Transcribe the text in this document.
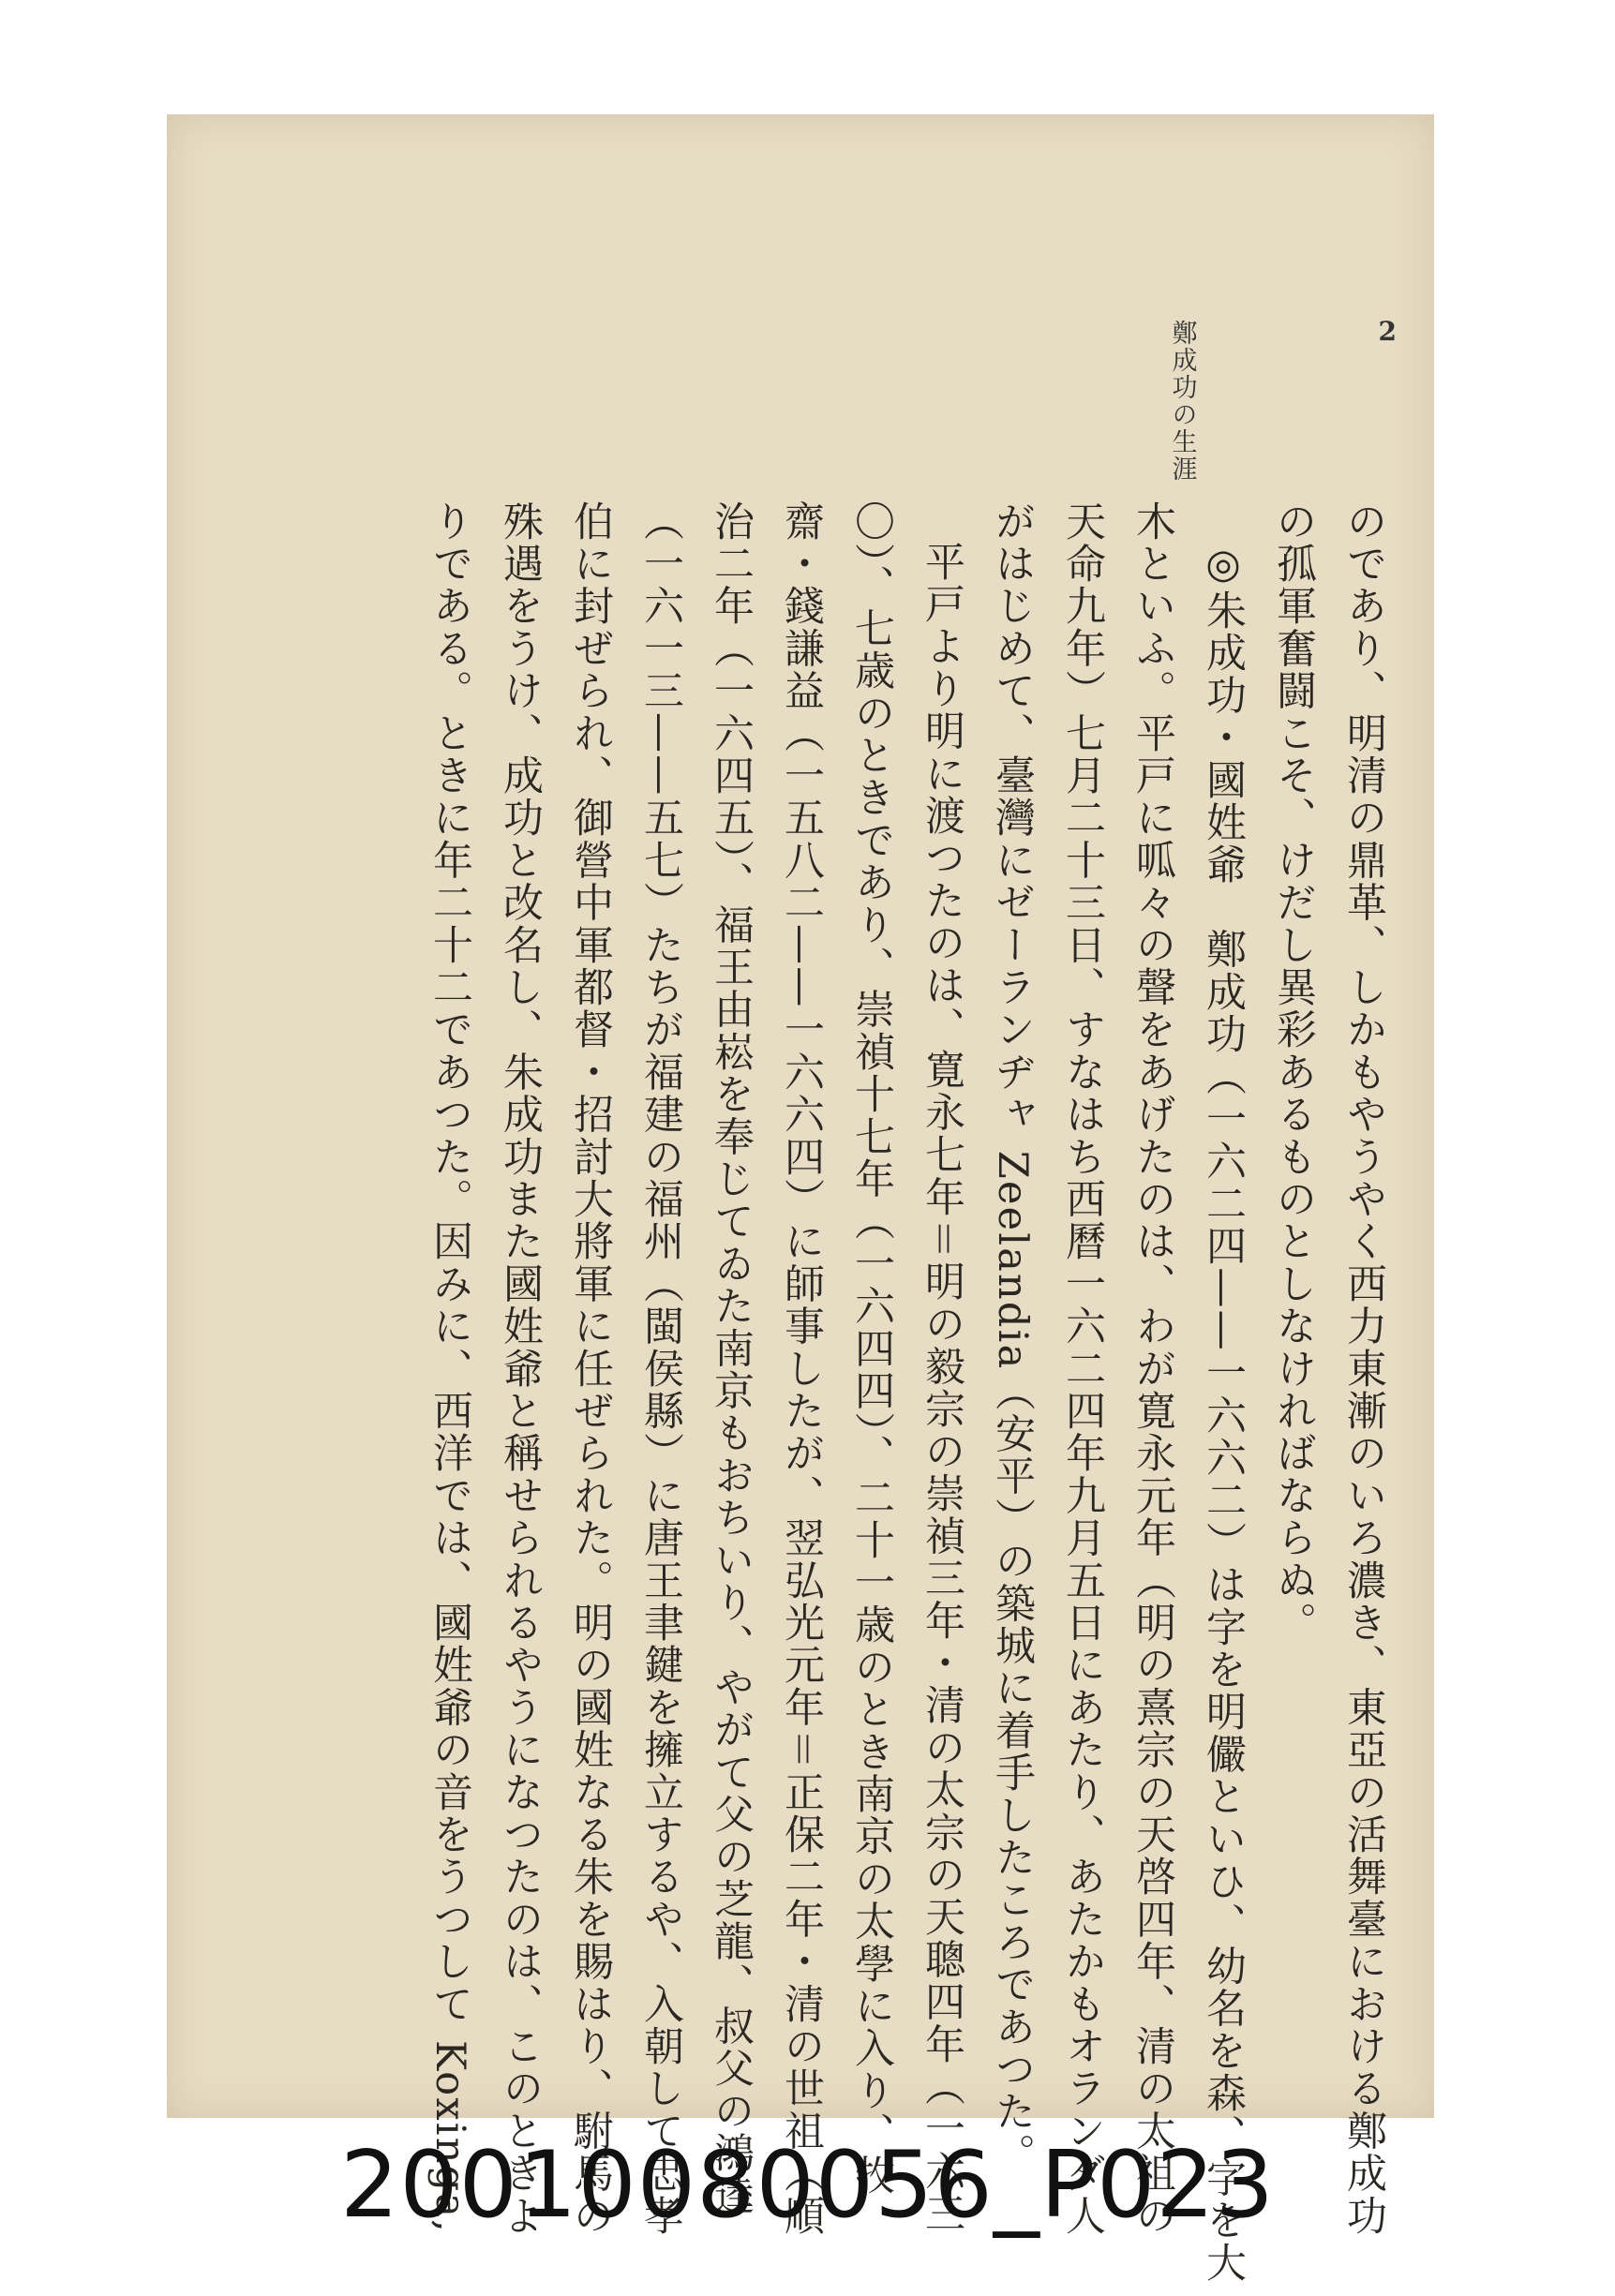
2
鄭成功の生涯
のであり、明清の鼎革、しかもやうやく西力東漸のいろ濃き、東亞の活舞臺における鄭成功
の孤軍奮闘こそ、けだし異彩あるものとしなければならぬ。
◎朱成功・國姓爺　鄭成功（一六二四——一六六二）は字を明儼といひ、幼名を森、字を大
木といふ。平戸に呱々の聲をあげたのは、わが寛永元年（明の熹宗の天啓四年、清の太祖の
天命九年）七月二十三日、すなはち西曆一六二四年九月五日にあたり、あたかもオランダ人
がはじめて、臺灣にゼーランヂャ Zeelandia（安平）の築城に着手したころであつた。
平戸より明に渡つたのは、寛永七年＝明の毅宗の崇禎三年・清の太宗の天聰四年（一六三
〇）、七歳のときであり、崇禎十七年（一六四四）、二十一歳のとき南京の太學に入り、牧
齋・錢謙益（一五八二——一六六四）に師事したが、翌弘光元年＝正保二年・清の世祖（順
治二年（一六四五）、福王由崧を奉じてゐた南京もおちいり、やがて父の芝龍、叔父の鴻逵
（一六一三——五七）たちが福建の福州（閩侯縣）に唐王聿鍵を擁立するや、入朝して忠孝
伯に封ぜられ、御營中軍都督・招討大將軍に任ぜられた。明の國姓なる朱を賜はり、駙馬の
殊遇をうけ、成功と改名し、朱成功また國姓爺と稱せられるやうになつたのは、このときよ
りである。ときに年二十二であつた。因みに、西洋では、國姓爺の音をうつして Koxinga,
20010080056_P023
